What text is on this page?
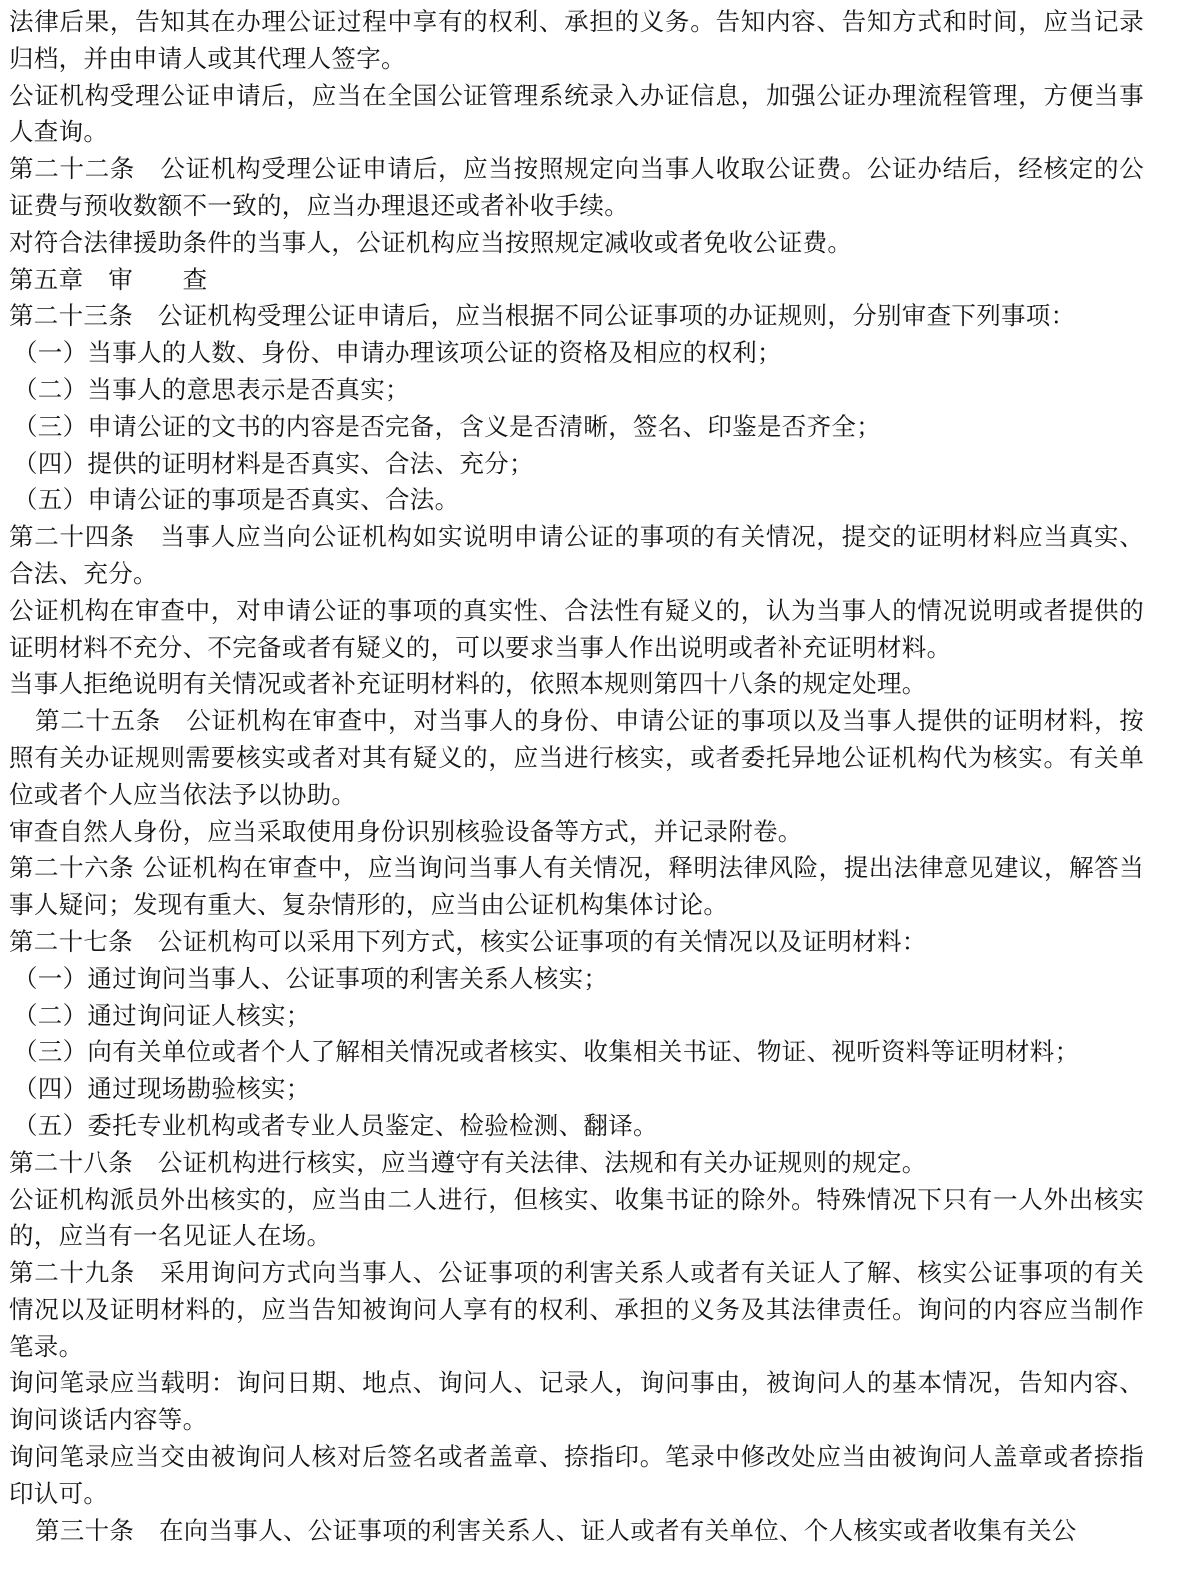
法律后果，告知其在办理公证过程中享有的权利、承担的义务。告知内容、告知方式和时间，应当记录归档，并由申请人或其代理人签字。

公证机构受理公证申请后，应当在全国公证管理系统录入办证信息，加强公证办理流程管理，方便当事人查询。

第二十二条　公证机构受理公证申请后，应当按照规定向当事人收取公证费。公证办结后，经核定的公证费与预收数额不一致的，应当办理退还或者补收手续。

对符合法律援助条件的当事人，公证机构应当按照规定减收或者免收公证费。

第五章　审　　查

第二十三条　公证机构受理公证申请后，应当根据不同公证事项的办证规则，分别审查下列事项：

（一）当事人的人数、身份、申请办理该项公证的资格及相应的权利；

（二）当事人的意思表示是否真实；

（三）申请公证的文书的内容是否完备，含义是否清晰，签名、印鉴是否齐全；

（四）提供的证明材料是否真实、合法、充分；

（五）申请公证的事项是否真实、合法。

第二十四条　当事人应当向公证机构如实说明申请公证的事项的有关情况，提交的证明材料应当真实、合法、充分。

公证机构在审查中，对申请公证的事项的真实性、合法性有疑义的，认为当事人的情况说明或者提供的证明材料不充分、不完备或者有疑义的，可以要求当事人作出说明或者补充证明材料。

当事人拒绝说明有关情况或者补充证明材料的，依照本规则第四十八条的规定处理。

第二十五条　公证机构在审查中，对当事人的身份、申请公证的事项以及当事人提供的证明材料，按照有关办证规则需要核实或者对其有疑义的，应当进行核实，或者委托异地公证机构代为核实。有关单位或者个人应当依法予以协助。

审查自然人身份，应当采取使用身份识别核验设备等方式，并记录附卷。

第二十六条 公证机构在审查中，应当询问当事人有关情况，释明法律风险，提出法律意见建议，解答当事人疑问；发现有重大、复杂情形的，应当由公证机构集体讨论。

第二十七条　公证机构可以采用下列方式，核实公证事项的有关情况以及证明材料：

（一）通过询问当事人、公证事项的利害关系人核实；

（二）通过询问证人核实；

（三）向有关单位或者个人了解相关情况或者核实、收集相关书证、物证、视听资料等证明材料；

（四）通过现场勘验核实；

（五）委托专业机构或者专业人员鉴定、检验检测、翻译。

第二十八条　公证机构进行核实，应当遵守有关法律、法规和有关办证规则的规定。

公证机构派员外出核实的，应当由二人进行，但核实、收集书证的除外。特殊情况下只有一人外出核实的，应当有一名见证人在场。

第二十九条　采用询问方式向当事人、公证事项的利害关系人或者有关证人了解、核实公证事项的有关情况以及证明材料的，应当告知被询问人享有的权利、承担的义务及其法律责任。询问的内容应当制作笔录。

询问笔录应当载明：询问日期、地点、询问人、记录人，询问事由，被询问人的基本情况，告知内容、询问谈话内容等。

询问笔录应当交由被询问人核对后签名或者盖章、捺指印。笔录中修改处应当由被询问人盖章或者捺指印认可。

第三十条　在向当事人、公证事项的利害关系人、证人或者有关单位、个人核实或者收集有关公
